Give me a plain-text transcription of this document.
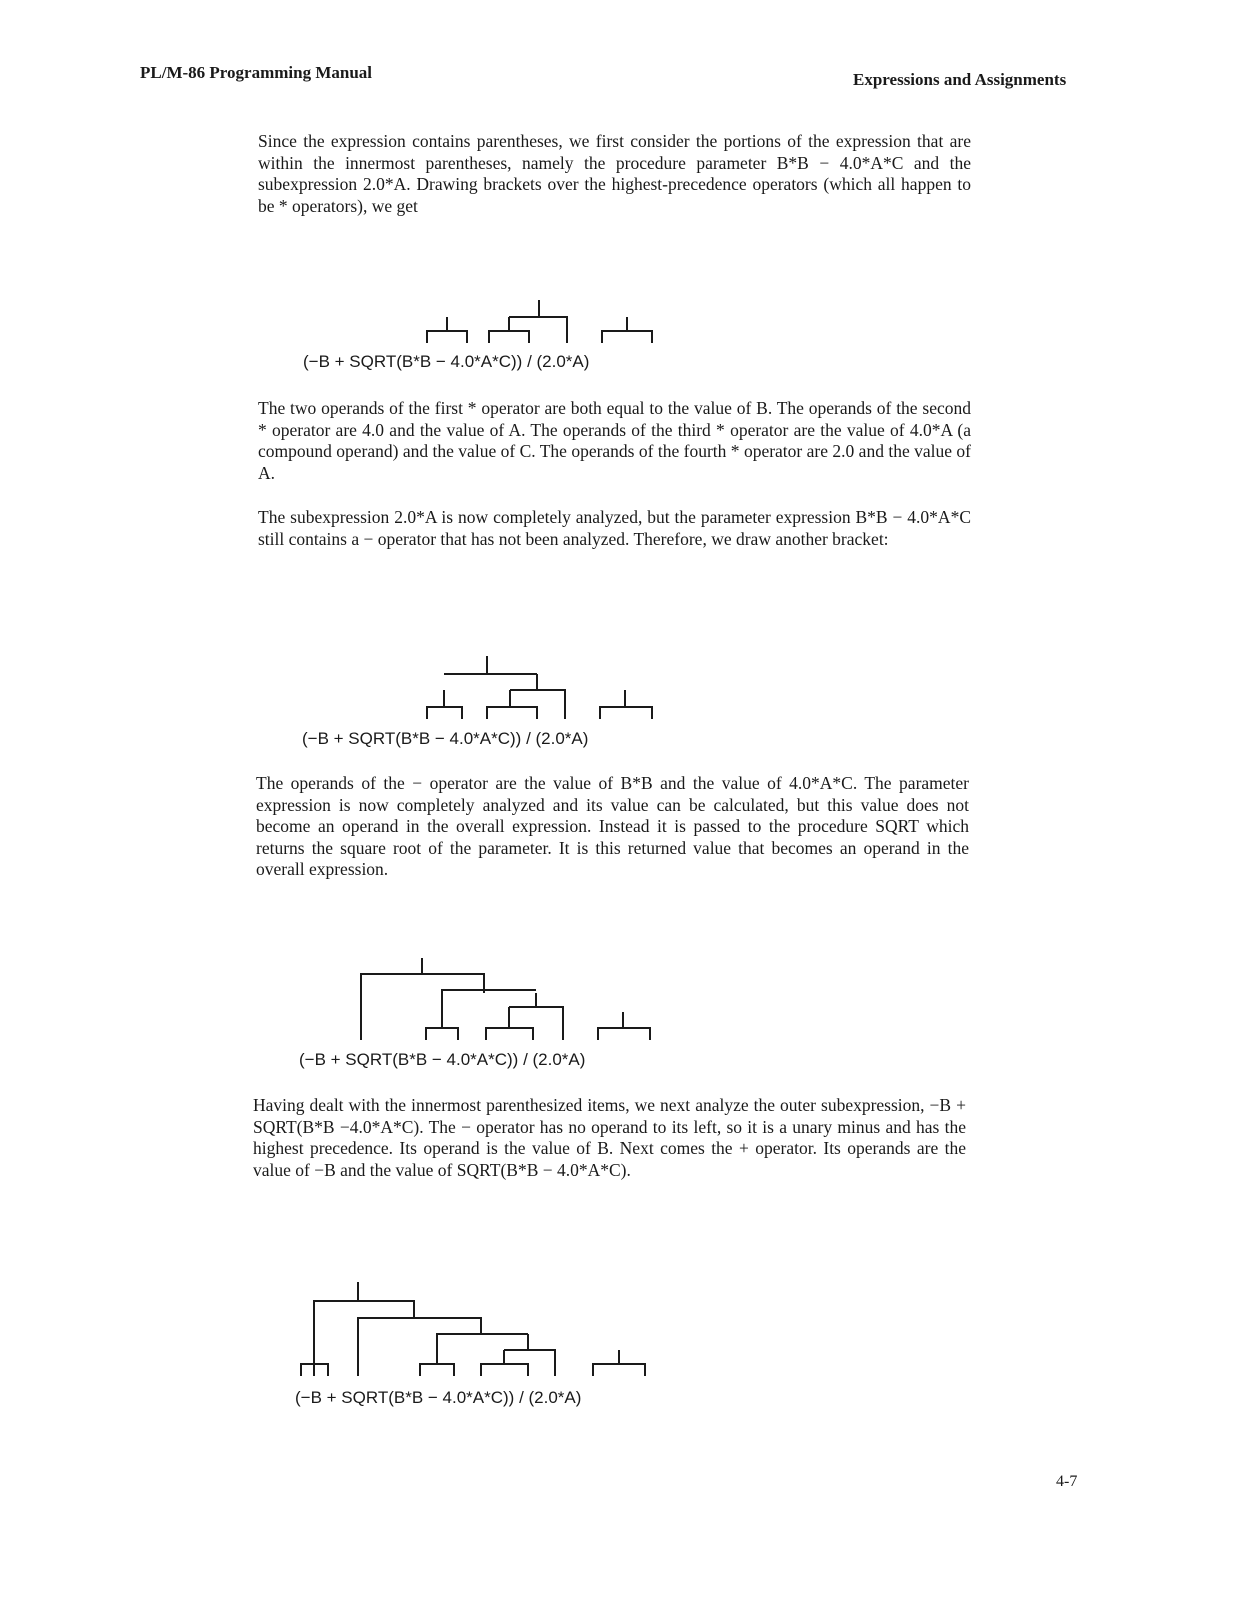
PL/M-86 Programming Manual	Expressions and Assignments

Since the expression contains parentheses, we first consider the portions of the expression that are within the innermost parentheses, namely the procedure parameter B*B − 4.0*A*C and the subexpression 2.0*A. Drawing brackets over the highest-precedence operators (which all happen to be * operators), we get

(−B + SQRT(B*B − 4.0*A*C)) / (2.0*A)

The two operands of the first * operator are both equal to the value of B. The operands of the second * operator are 4.0 and the value of A. The operands of the third * operator are the value of 4.0*A (a compound operand) and the value of C. The operands of the fourth * operator are 2.0 and the value of A.

The subexpression 2.0*A is now completely analyzed, but the parameter expression B*B − 4.0*A*C still contains a − operator that has not been analyzed. Therefore, we draw another bracket:

(−B + SQRT(B*B − 4.0*A*C)) / (2.0*A)

The operands of the − operator are the value of B*B and the value of 4.0*A*C. The parameter expression is now completely analyzed and its value can be calculated, but this value does not become an operand in the overall expression. Instead it is passed to the procedure SQRT which returns the square root of the parameter. It is this returned value that becomes an operand in the overall expression.

(−B + SQRT(B*B − 4.0*A*C)) / (2.0*A)

Having dealt with the innermost parenthesized items, we next analyze the outer subexpression, −B + SQRT(B*B −4.0*A*C). The − operator has no operand to its left, so it is a unary minus and has the highest precedence. Its operand is the value of B. Next comes the + operator. Its operands are the value of −B and the value of SQRT(B*B − 4.0*A*C).

(−B + SQRT(B*B − 4.0*A*C)) / (2.0*A)
4-7
